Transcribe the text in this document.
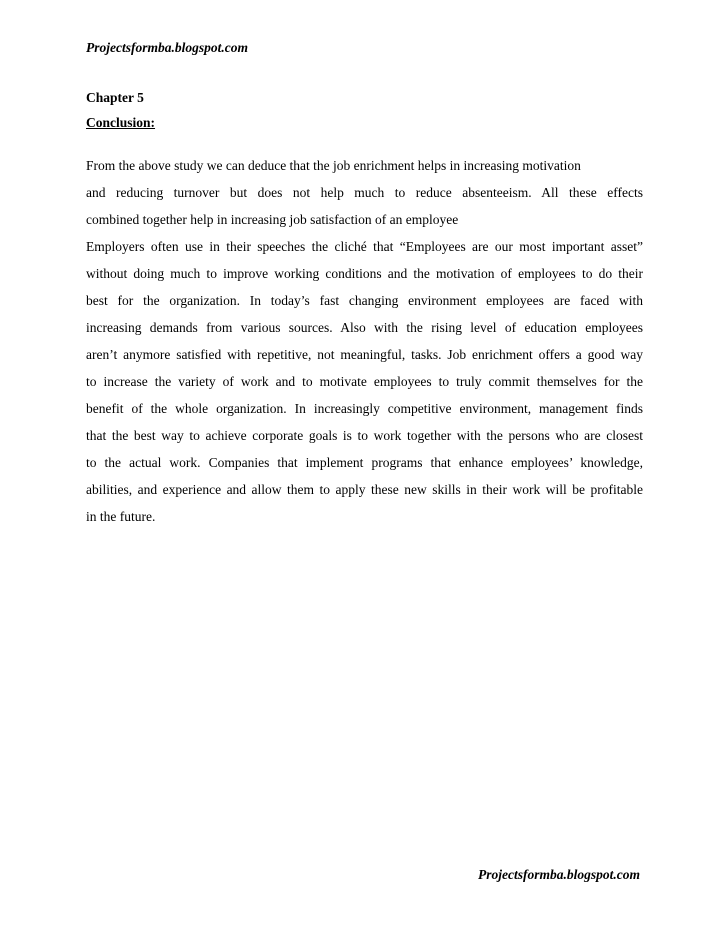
Projectsformba.blogspot.com
Chapter 5
Conclusion:
From the above study we can deduce that the job enrichment helps in increasing motivation
and reducing turnover but does not help much to reduce absenteeism. All these effects
combined together help in increasing job satisfaction of an employee
Employers often use in their speeches the cliché that “Employees are our most important asset”
without doing much to improve working conditions and the motivation of employees to do their
best for the organization. In today’s fast changing environment employees are faced with
increasing demands from various sources. Also with the rising level of education employees
aren’t anymore satisfied with repetitive, not meaningful, tasks. Job enrichment offers a good way
to increase the variety of work and to motivate employees to truly commit themselves for the
benefit of the whole organization. In increasingly competitive environment, management finds
that the best way to achieve corporate goals is to work together with the persons who are closest
to the actual work. Companies that implement programs that enhance employees’ knowledge,
abilities, and experience and allow them to apply these new skills in their work will be profitable
in the future.
Projectsformba.blogspot.com
